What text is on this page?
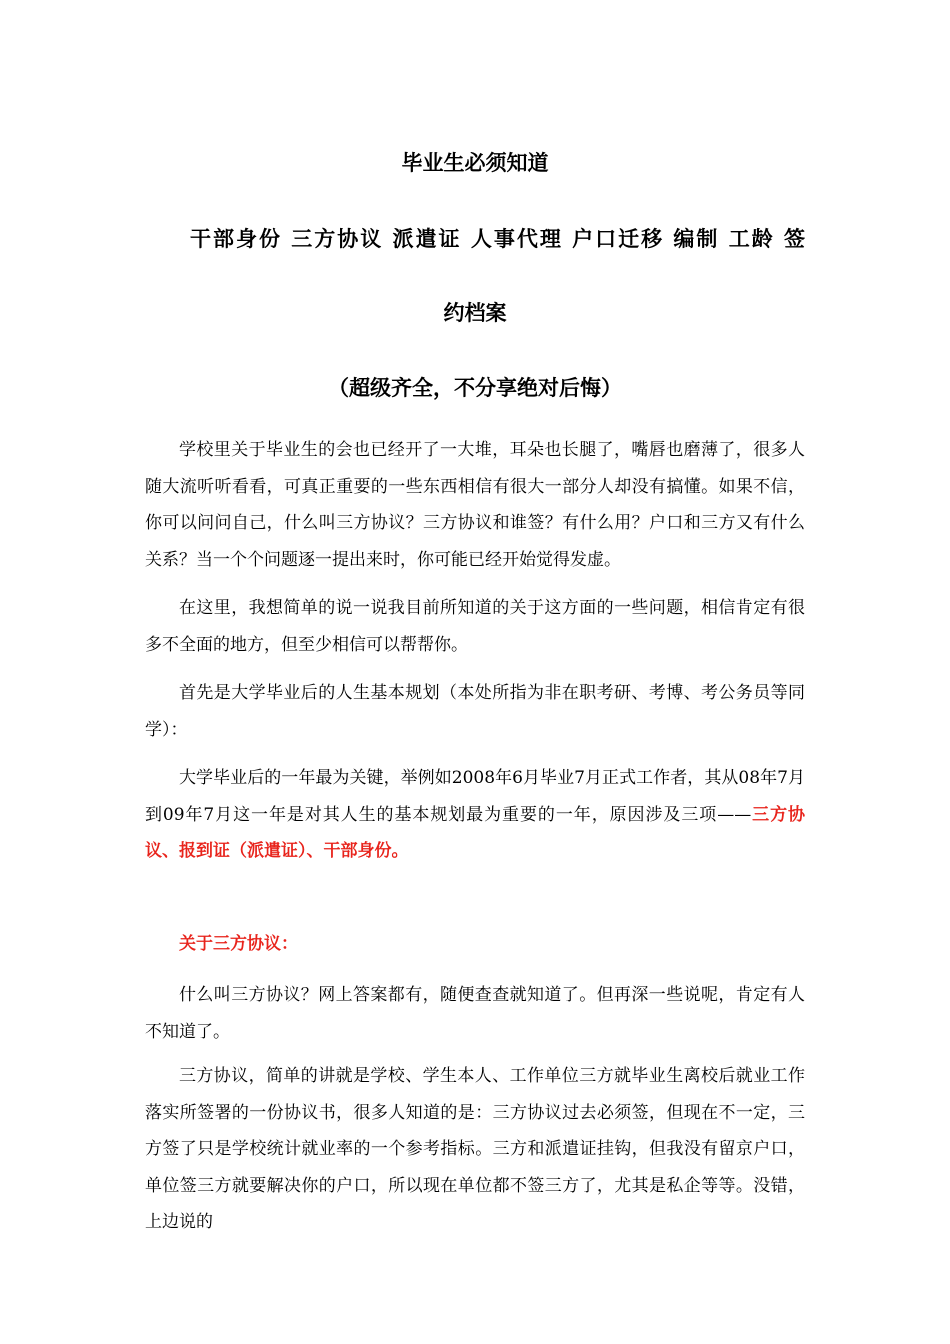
毕业生必须知道
干部身份 三方协议 派遣证 人事代理 户口迁移 编制 工龄 签
约档案
（超级齐全，不分享绝对后悔）

学校里关于毕业生的会也已经开了一大堆，耳朵也长腿了，嘴唇也磨薄了，很多人随大流听听看看，可真正重要的一些东西相信有很大一部分人却没有搞懂。如果不信，你可以问问自己，什么叫三方协议？三方协议和谁签？有什么用？户口和三方又有什么关系？当一个个问题逐一提出来时，你可能已经开始觉得发虚。

在这里，我想简单的说一说我目前所知道的关于这方面的一些问题，相信肯定有很多不全面的地方，但至少相信可以帮帮你。

首先是大学毕业后的人生基本规划（本处所指为非在职考研、考博、考公务员等同学）：

大学毕业后的一年最为关键，举例如2008年6月毕业7月正式工作者，其从08年7月到09年7月这一年是对其人生的基本规划最为重要的一年，原因涉及三项——三方协议、报到证（派遣证）、干部身份。

关于三方协议：

什么叫三方协议？网上答案都有，随便查查就知道了。但再深一些说呢，肯定有人不知道了。

三方协议，简单的讲就是学校、学生本人、工作单位三方就毕业生离校后就业工作落实所签署的一份协议书，很多人知道的是：三方协议过去必须签，但现在不一定，三方签了只是学校统计就业率的一个参考指标。三方和派遣证挂钩，但我没有留京户口，单位签三方就要解决你的户口，所以现在单位都不签三方了，尤其是私企等等。没错，上边说的
